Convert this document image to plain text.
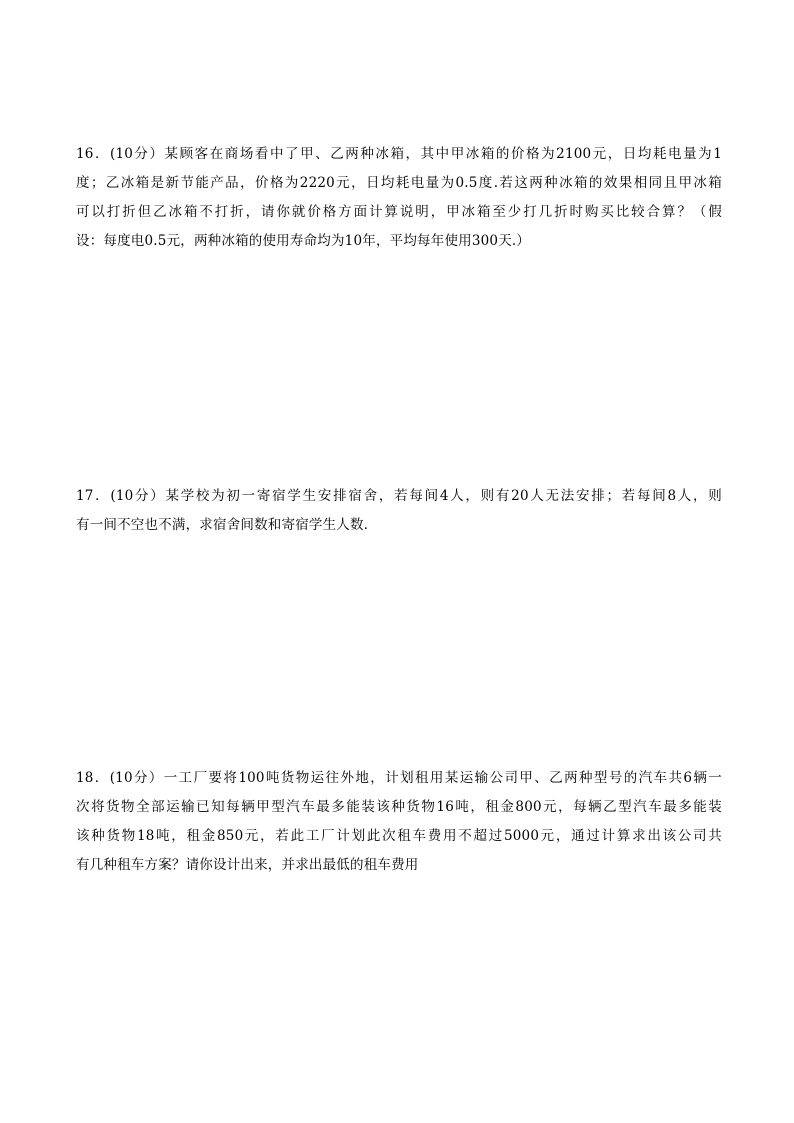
16．(10分）某顾客在商场看中了甲、乙两种冰箱，其中甲冰箱的价格为2100元，日均耗电量为1
度；乙冰箱是新节能产品，价格为2220元，日均耗电量为0.5度.若这两种冰箱的效果相同且甲冰箱
可以打折但乙冰箱不打折，请你就价格方面计算说明，甲冰箱至少打几折时购买比较合算？（假
设：每度电0.5元，两种冰箱的使用寿命均为10年，平均每年使用300天.）
17．(10分）某学校为初一寄宿学生安排宿舍，若每间4人，则有20人无法安排；若每间8人，则
有一间不空也不满，求宿舍间数和寄宿学生人数．
18．(10分）一工厂要将100吨货物运往外地，计划租用某运输公司甲、乙两种型号的汽车共6辆一
次将货物全部运输已知每辆甲型汽车最多能装该种货物16吨，租金800元，每辆乙型汽车最多能装
该种货物18吨，租金850元，若此工厂计划此次租车费用不超过5000元，通过计算求出该公司共
有几种租车方案？请你设计出来，并求出最低的租车费用
